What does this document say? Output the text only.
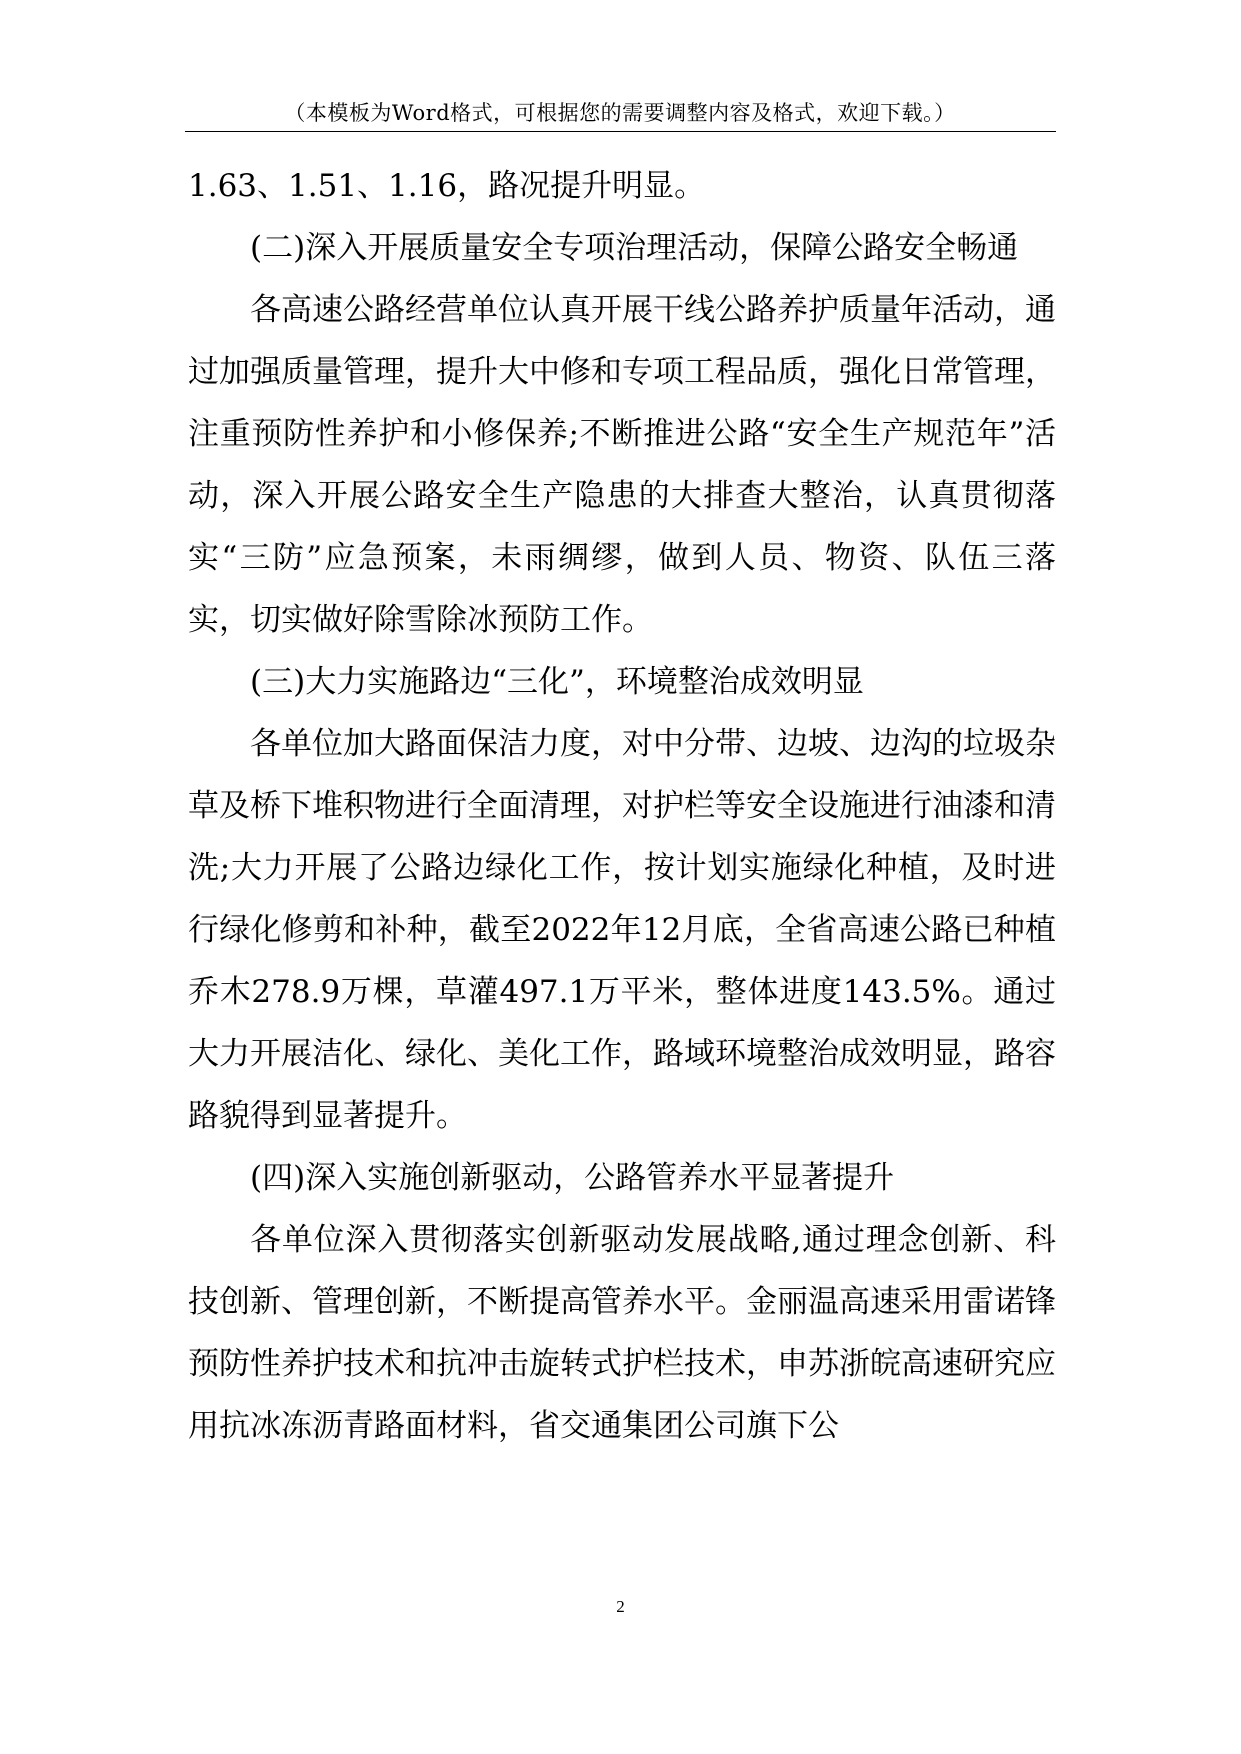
（本模板为Word格式，可根据您的需要调整内容及格式，欢迎下载。）

1.63、1.51、1.16，路况提升明显。

(二)深入开展质量安全专项治理活动，保障公路安全畅通

各高速公路经营单位认真开展干线公路养护质量年活动，通过加强质量管理，提升大中修和专项工程品质，强化日常管理，注重预防性养护和小修保养;不断推进公路“安全生产规范年”活动，深入开展公路安全生产隐患的大排查大整治，认真贯彻落实“三防”应急预案，未雨绸缪，做到人员、物资、队伍三落实，切实做好除雪除冰预防工作。

(三)大力实施路边“三化”，环境整治成效明显

各单位加大路面保洁力度，对中分带、边坡、边沟的垃圾杂草及桥下堆积物进行全面清理，对护栏等安全设施进行油漆和清洗;大力开展了公路边绿化工作，按计划实施绿化种植，及时进行绿化修剪和补种，截至2022年12月底，全省高速公路已种植乔木278.9万棵，草灌497.1万平米，整体进度143.5%。通过大力开展洁化、绿化、美化工作，路域环境整治成效明显，路容路貌得到显著提升。

(四)深入实施创新驱动，公路管养水平显著提升

各单位深入贯彻落实创新驱动发展战略,通过理念创新、科技创新、管理创新，不断提高管养水平。金丽温高速采用雷诺锋预防性养护技术和抗冲击旋转式护栏技术，申苏浙皖高速研究应用抗冰冻沥青路面材料，省交通集团公司旗下公

2
